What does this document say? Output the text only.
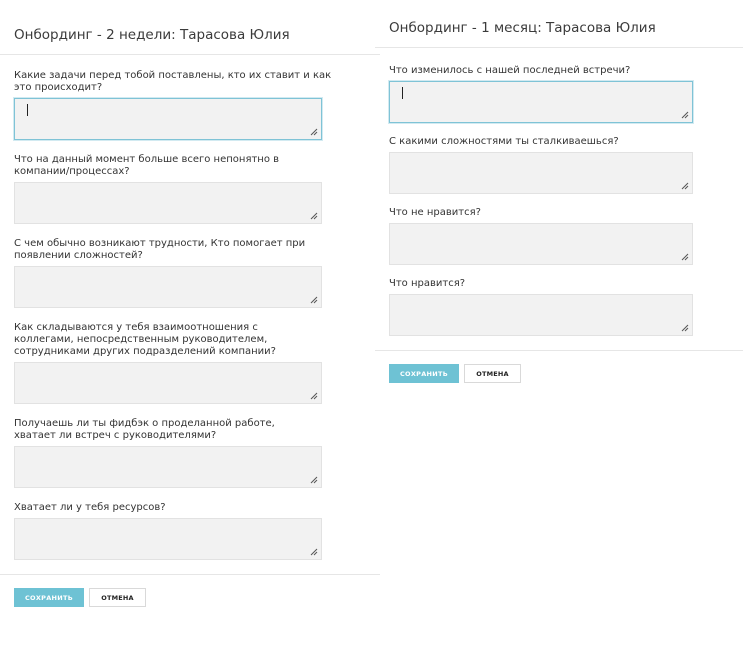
Онбординг - 2 недели: Тарасова Юлия

Какие задачи перед тобой поставлены, кто их ставит и как это происходит?

Что на данный момент больше всего непонятно в компании/процессах?

С чем обычно возникают трудности, Кто помогает при появлении сложностей?

Как складываются у тебя взаимоотношения с коллегами, непосредственным руководителем, сотрудниками других подразделений компании?

Получаешь ли ты фидбэк о проделанной работе, хватает ли встреч с руководителями?

Хватает ли у тебя ресурсов?

СОХРАНИТЬ	ОТМЕНА
Онбординг - 1 месяц: Тарасова Юлия

Что изменилось с нашей последней встречи?

С какими сложностями ты сталкиваешься?

Что не нравится?

Что нравится?

СОХРАНИТЬ	ОТМЕНА
